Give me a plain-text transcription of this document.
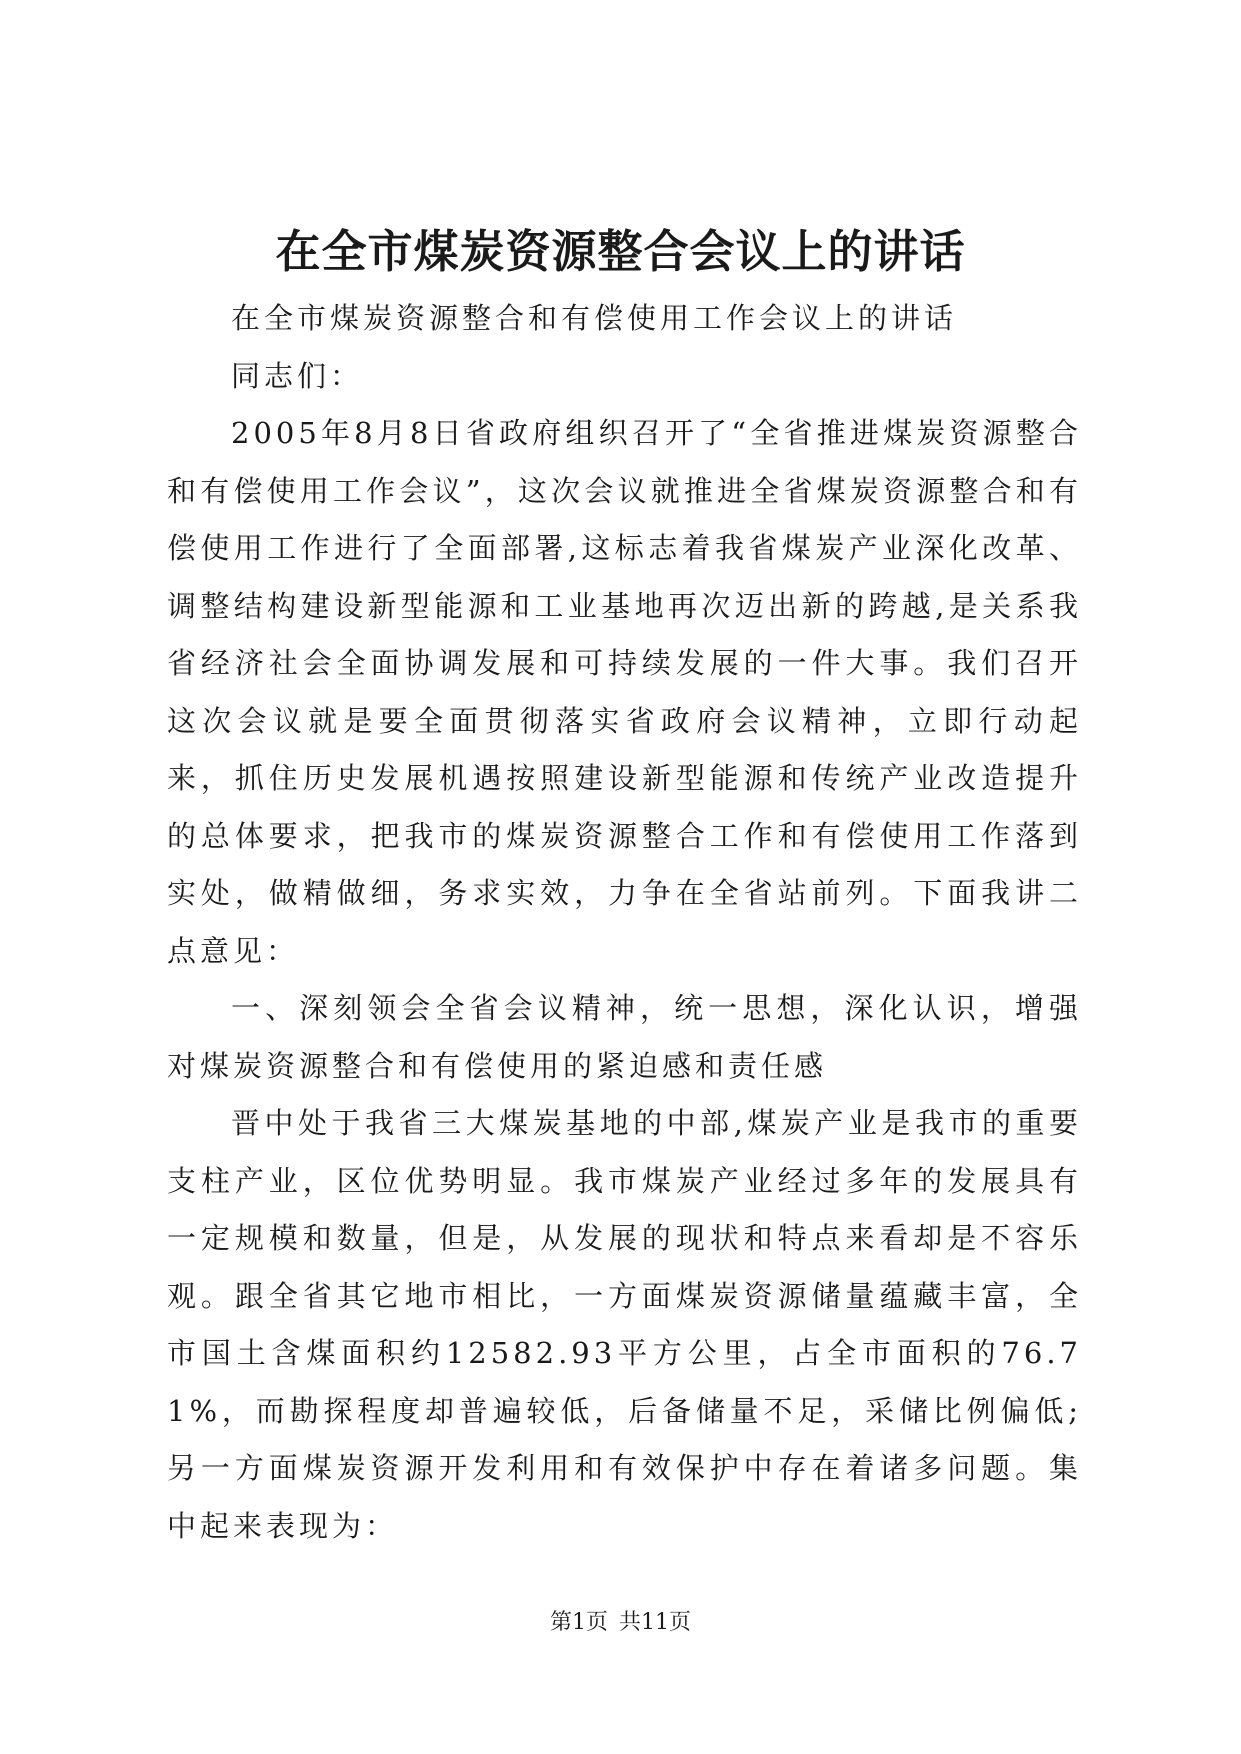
在全市煤炭资源整合会议上的讲话

在全市煤炭资源整合和有偿使用工作会议上的讲话

同志们：

2005年8月8日省政府组织召开了“全省推进煤炭资源整合和有偿使用工作会议”，这次会议就推进全省煤炭资源整合和有偿使用工作进行了全面部署,这标志着我省煤炭产业深化改革、调整结构建设新型能源和工业基地再次迈出新的跨越,是关系我省经济社会全面协调发展和可持续发展的一件大事。我们召开这次会议就是要全面贯彻落实省政府会议精神，立即行动起来，抓住历史发展机遇按照建设新型能源和传统产业改造提升的总体要求，把我市的煤炭资源整合工作和有偿使用工作落到实处，做精做细，务求实效，力争在全省站前列。下面我讲二点意见：

一、深刻领会全省会议精神，统一思想，深化认识，增强对煤炭资源整合和有偿使用的紧迫感和责任感

晋中处于我省三大煤炭基地的中部,煤炭产业是我市的重要支柱产业，区位优势明显。我市煤炭产业经过多年的发展具有一定规模和数量，但是，从发展的现状和特点来看却是不容乐观。跟全省其它地市相比，一方面煤炭资源储量蕴藏丰富，全市国土含煤面积约12582.93平方公里，占全市面积的76.71%，而勘探程度却普遍较低，后备储量不足，采储比例偏低;另一方面煤炭资源开发利用和有效保护中存在着诸多问题。集中起来表现为：

第1页 共11页
